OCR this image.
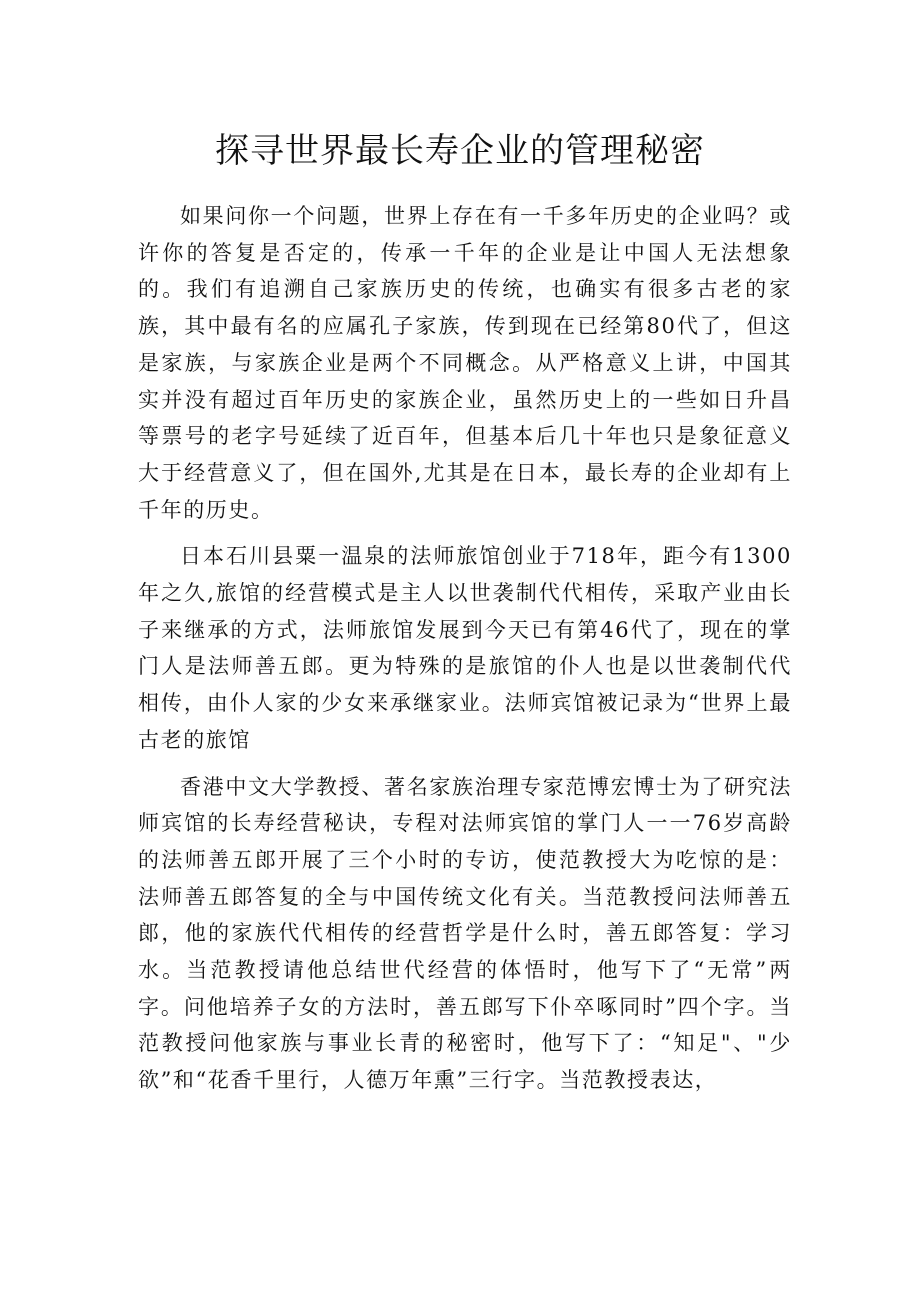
探寻世界最长寿企业的管理秘密

如果问你一个问题，世界上存在有一千多年历史的企业吗？或许你的答复是否定的，传承一千年的企业是让中国人无法想象的。我们有追溯自己家族历史的传统，也确实有很多古老的家族，其中最有名的应属孔子家族，传到现在已经第80代了，但这是家族，与家族企业是两个不同概念。从严格意义上讲，中国其实并没有超过百年历史的家族企业，虽然历史上的一些如日升昌等票号的老字号延续了近百年，但基本后几十年也只是象征意义大于经营意义了，但在国外,尤其是在日本，最长寿的企业却有上千年的历史。

日本石川县粟一温泉的法师旅馆创业于718年，距今有1300年之久,旅馆的经营模式是主人以世袭制代代相传，采取产业由长子来继承的方式，法师旅馆发展到今天已有第46代了，现在的掌门人是法师善五郎。更为特殊的是旅馆的仆人也是以世袭制代代相传，由仆人家的少女来承继家业。法师宾馆被记录为“世界上最古老的旅馆

香港中文大学教授、著名家族治理专家范博宏博士为了研究法师宾馆的长寿经营秘诀，专程对法师宾馆的掌门人一一76岁高龄的法师善五郎开展了三个小时的专访，使范教授大为吃惊的是：法师善五郎答复的全与中国传统文化有关。当范教授问法师善五郎，他的家族代代相传的经营哲学是什么时，善五郎答复：学习水。当范教授请他总结世代经营的体悟时，他写下了“无常”两字。问他培养子女的方法时，善五郎写下仆卒啄同时”四个字。当范教授问他家族与事业长青的秘密时，他写下了：“知足"、"少欲”和“花香千里行，人德万年熏”三行字。当范教授表达，
